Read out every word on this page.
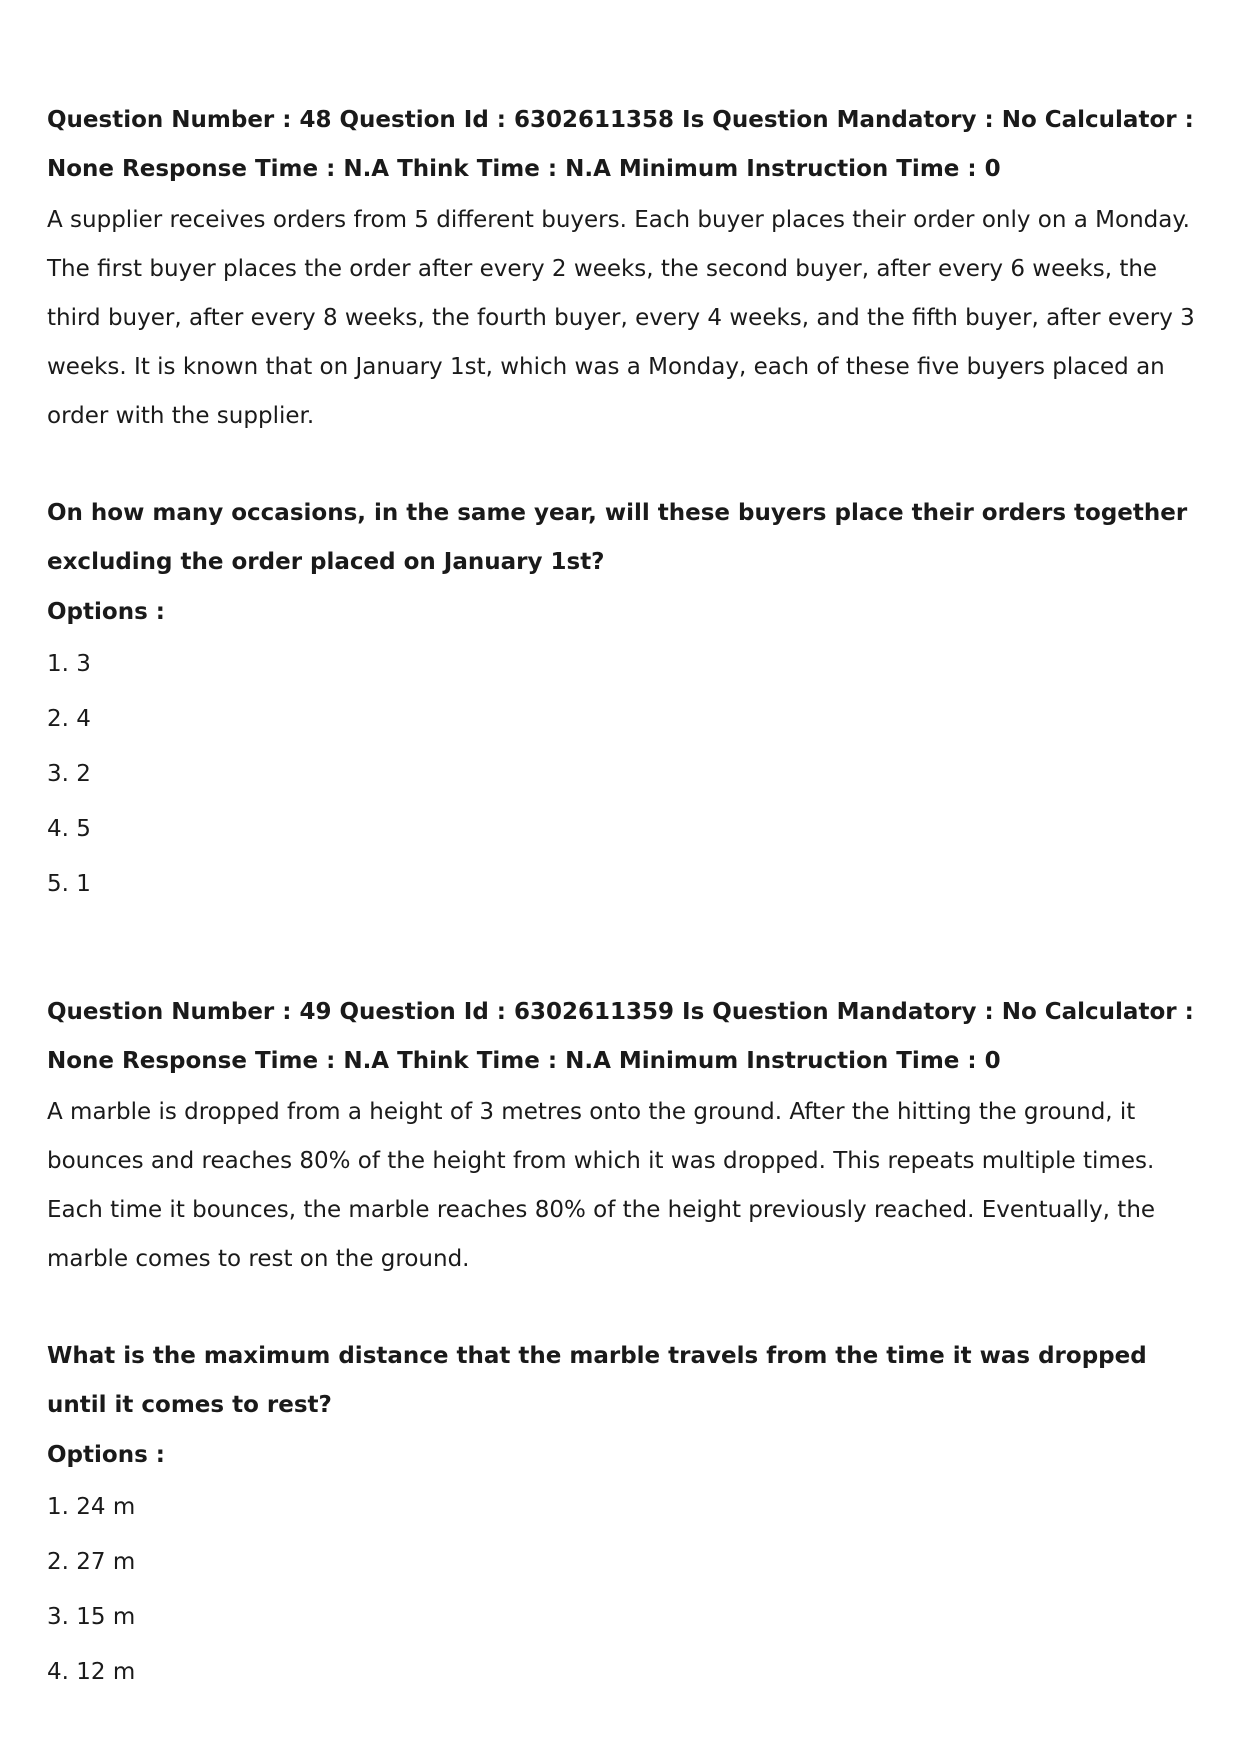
Question Number : 48 Question Id : 6302611358 Is Question Mandatory : No Calculator : None Response Time : N.A Think Time : N.A Minimum Instruction Time : 0

A supplier receives orders from 5 different buyers. Each buyer places their order only on a Monday. The first buyer places the order after every 2 weeks, the second buyer, after every 6 weeks, the third buyer, after every 8 weeks, the fourth buyer, every 4 weeks, and the fifth buyer, after every 3 weeks. It is known that on January 1st, which was a Monday, each of these five buyers placed an order with the supplier.

On how many occasions, in the same year, will these buyers place their orders together excluding the order placed on January 1st?

Options :

1. 3
2. 4
3. 2
4. 5
5. 1

Question Number : 49 Question Id : 6302611359 Is Question Mandatory : No Calculator : None Response Time : N.A Think Time : N.A Minimum Instruction Time : 0

A marble is dropped from a height of 3 metres onto the ground. After the hitting the ground, it bounces and reaches 80% of the height from which it was dropped. This repeats multiple times. Each time it bounces, the marble reaches 80% of the height previously reached. Eventually, the marble comes to rest on the ground.

What is the maximum distance that the marble travels from the time it was dropped until it comes to rest?

Options :

1. 24 m
2. 27 m
3. 15 m
4. 12 m
